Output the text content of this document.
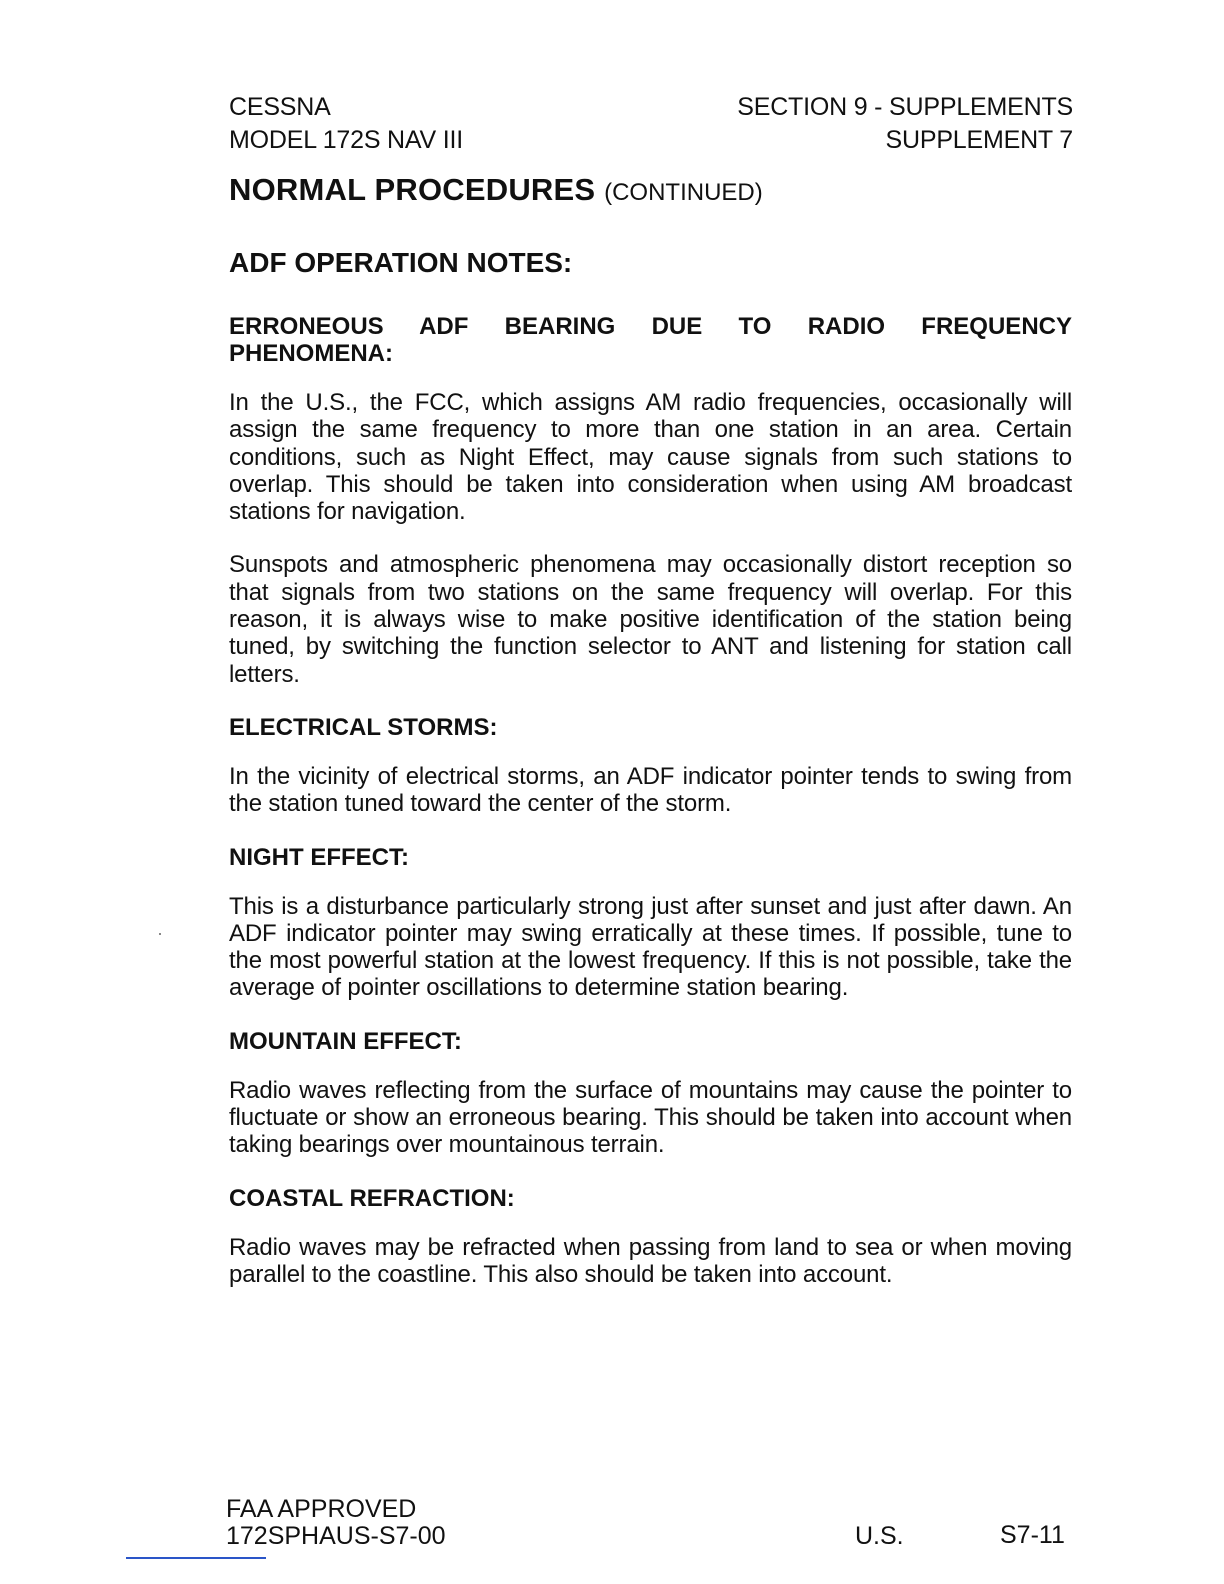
CESSNA
MODEL 172S NAV III
SECTION 9 - SUPPLEMENTS
SUPPLEMENT 7
NORMAL PROCEDURES (CONTINUED)
ADF OPERATION NOTES:

ERRONEOUS ADF BEARING DUE TO RADIO FREQUENCY PHENOMENA:

In the U.S., the FCC, which assigns AM radio frequencies, occasionally will assign the same frequency to more than one station in an area. Certain conditions, such as Night Effect, may cause signals from such stations to overlap. This should be taken into consideration when using AM broadcast stations for navigation.

Sunspots and atmospheric phenomena may occasionally distort reception so that signals from two stations on the same frequency will overlap. For this reason, it is always wise to make positive identification of the station being tuned, by switching the function selector to ANT and listening for station call letters.

ELECTRICAL STORMS:

In the vicinity of electrical storms, an ADF indicator pointer tends to swing from the station tuned toward the center of the storm.

NIGHT EFFECT:

This is a disturbance particularly strong just after sunset and just after dawn. An ADF indicator pointer may swing erratically at these times. If possible, tune to the most powerful station at the lowest frequency. If this is not possible, take the average of pointer oscillations to determine station bearing.

MOUNTAIN EFFECT:

Radio waves reflecting from the surface of mountains may cause the pointer to fluctuate or show an erroneous bearing. This should be taken into account when taking bearings over mountainous terrain.

COASTAL REFRACTION:

Radio waves may be refracted when passing from land to sea or when moving parallel to the coastline. This also should be taken into account.

FAA APPROVED
172SPHAUS-S7-00	U.S.	S7-11
